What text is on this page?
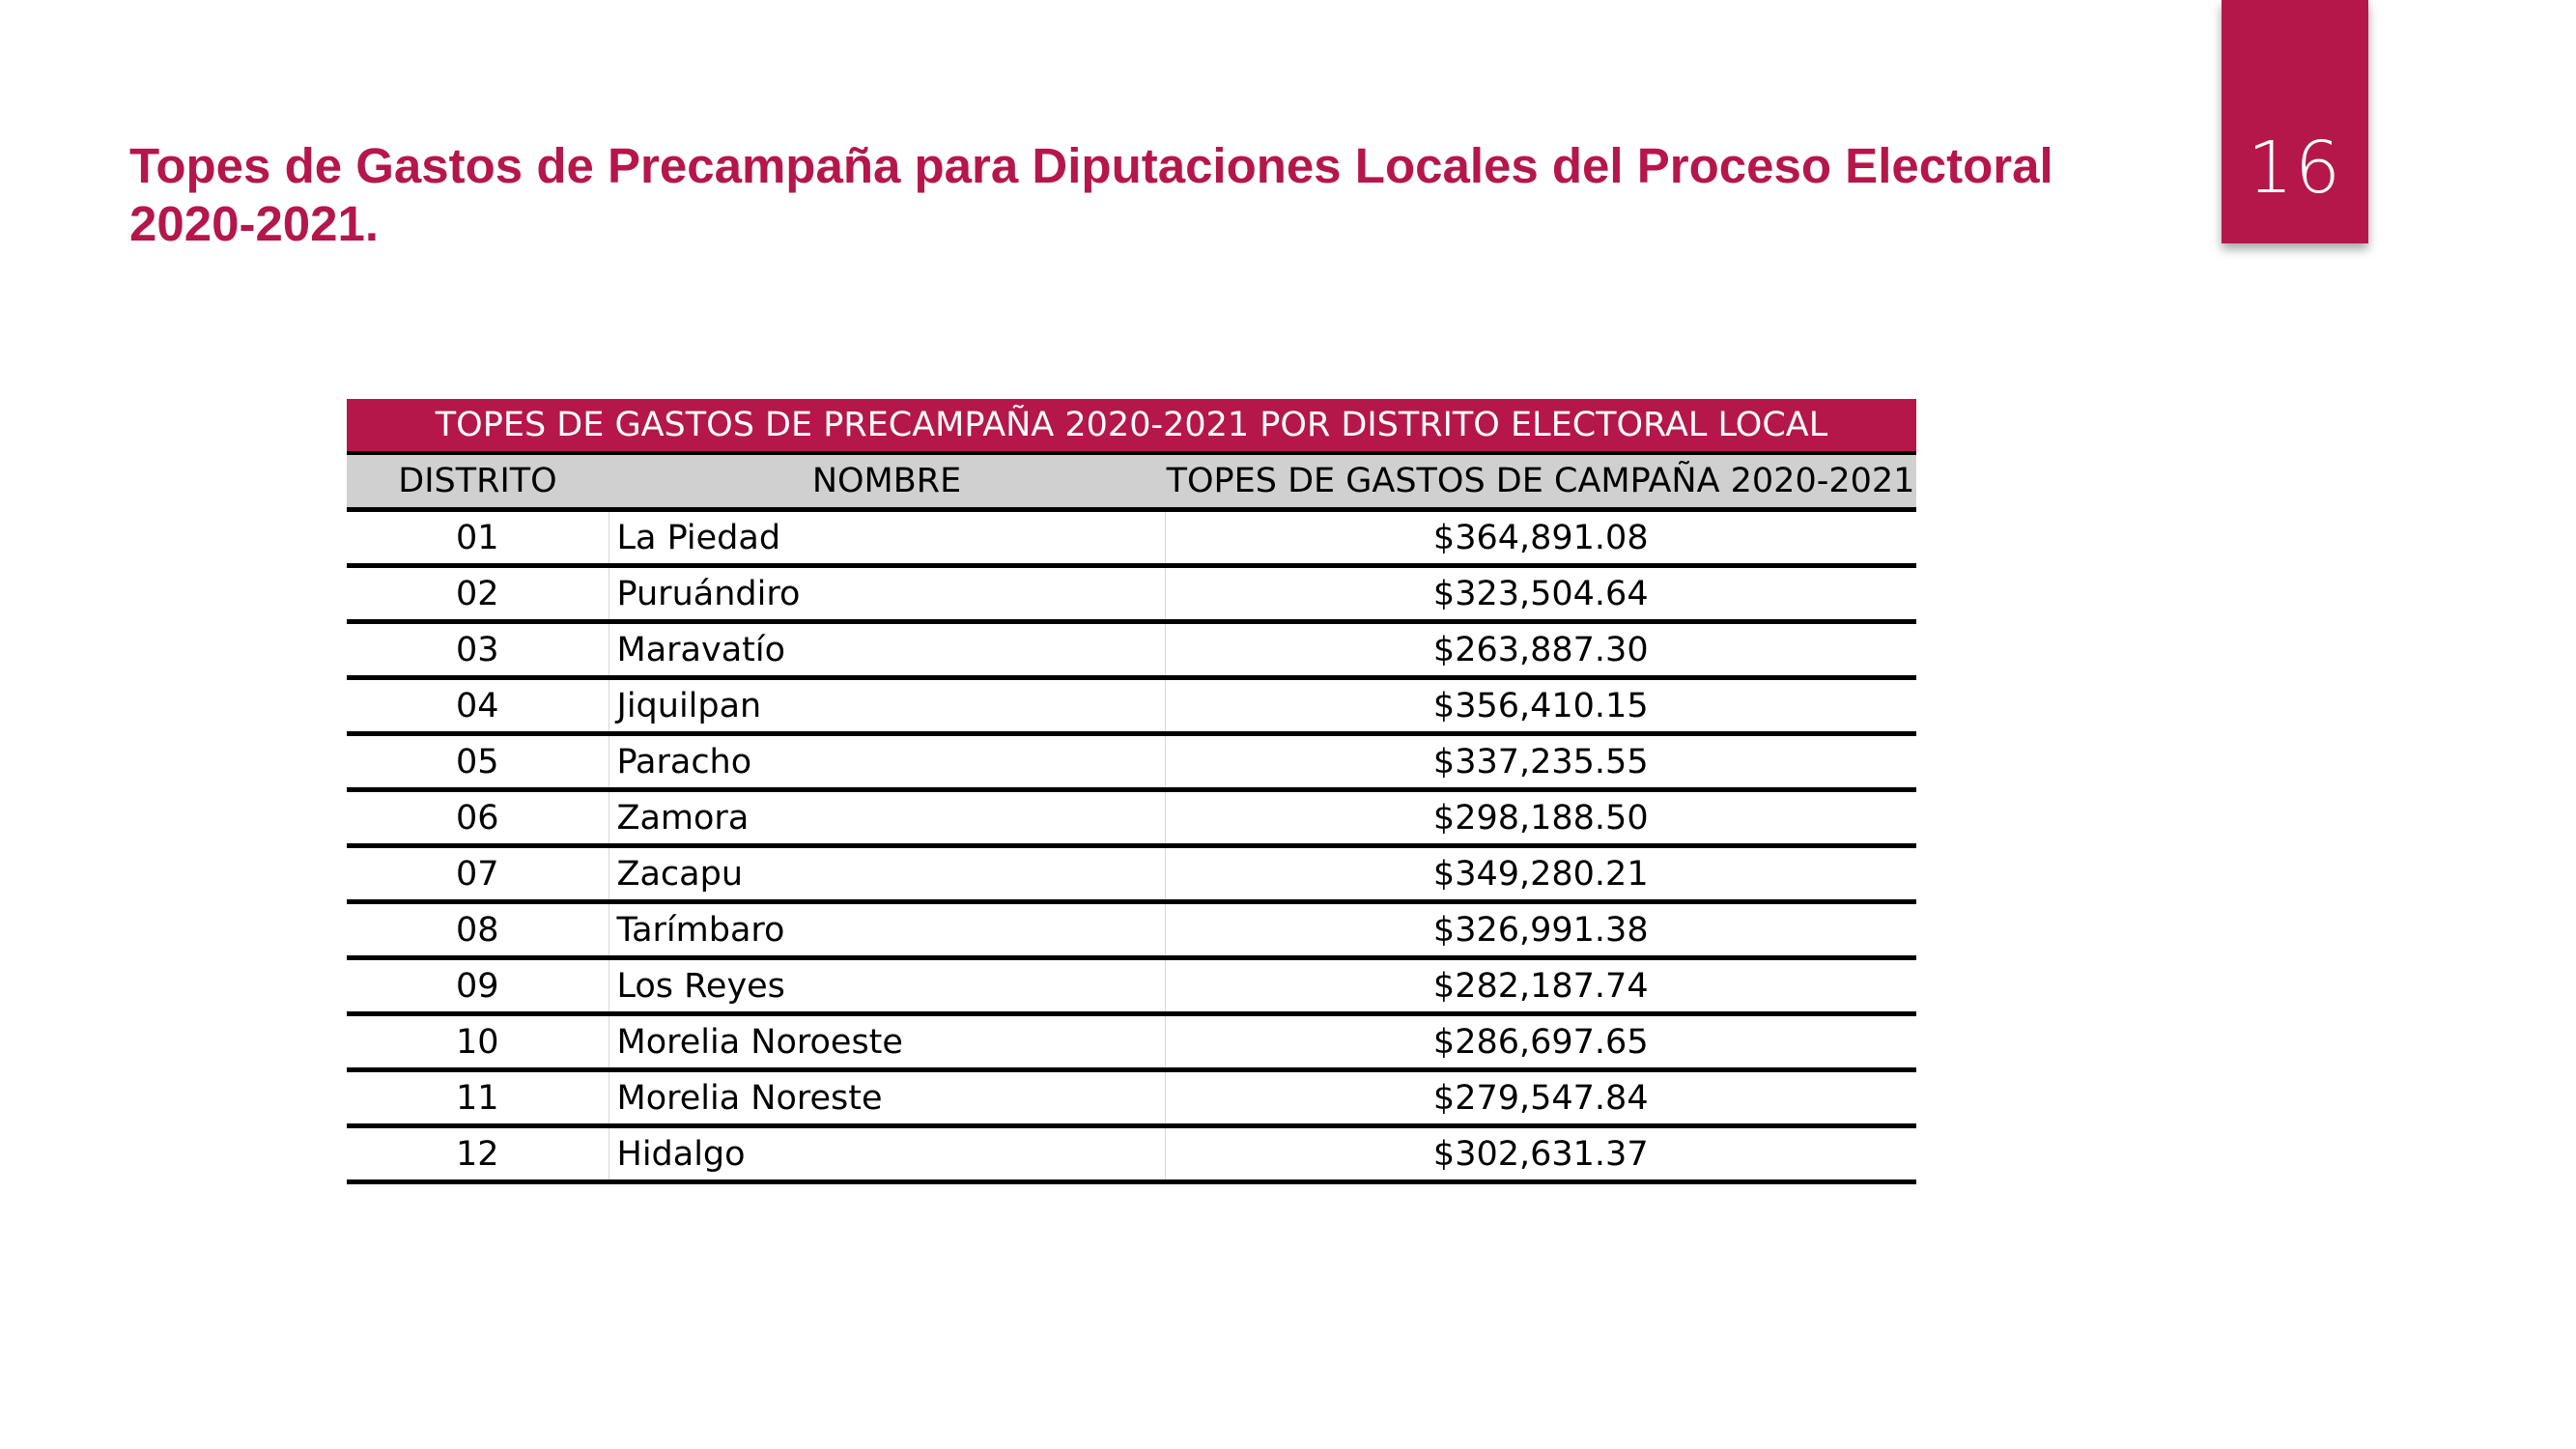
16
Topes de Gastos de Precampaña para Diputaciones Locales del Proceso Electoral 2020-2021.
TOPES DE GASTOS DE PRECAMPAÑA 2020-2021 POR DISTRITO ELECTORAL LOCAL		
DISTRITO	NOMBRE	TOPES DE GASTOS DE CAMPAÑA 2020-2021
01	La Piedad	$364,891.08
02	Puruándiro	$323,504.64
03	Maravatío	$263,887.30
04	Jiquilpan	$356,410.15
05	Paracho	$337,235.55
06	Zamora	$298,188.50
07	Zacapu	$349,280.21
08	Tarímbaro	$326,991.38
09	Los Reyes	$282,187.74
10	Morelia Noroeste	$286,697.65
11	Morelia Noreste	$279,547.84
12	Hidalgo	$302,631.37
